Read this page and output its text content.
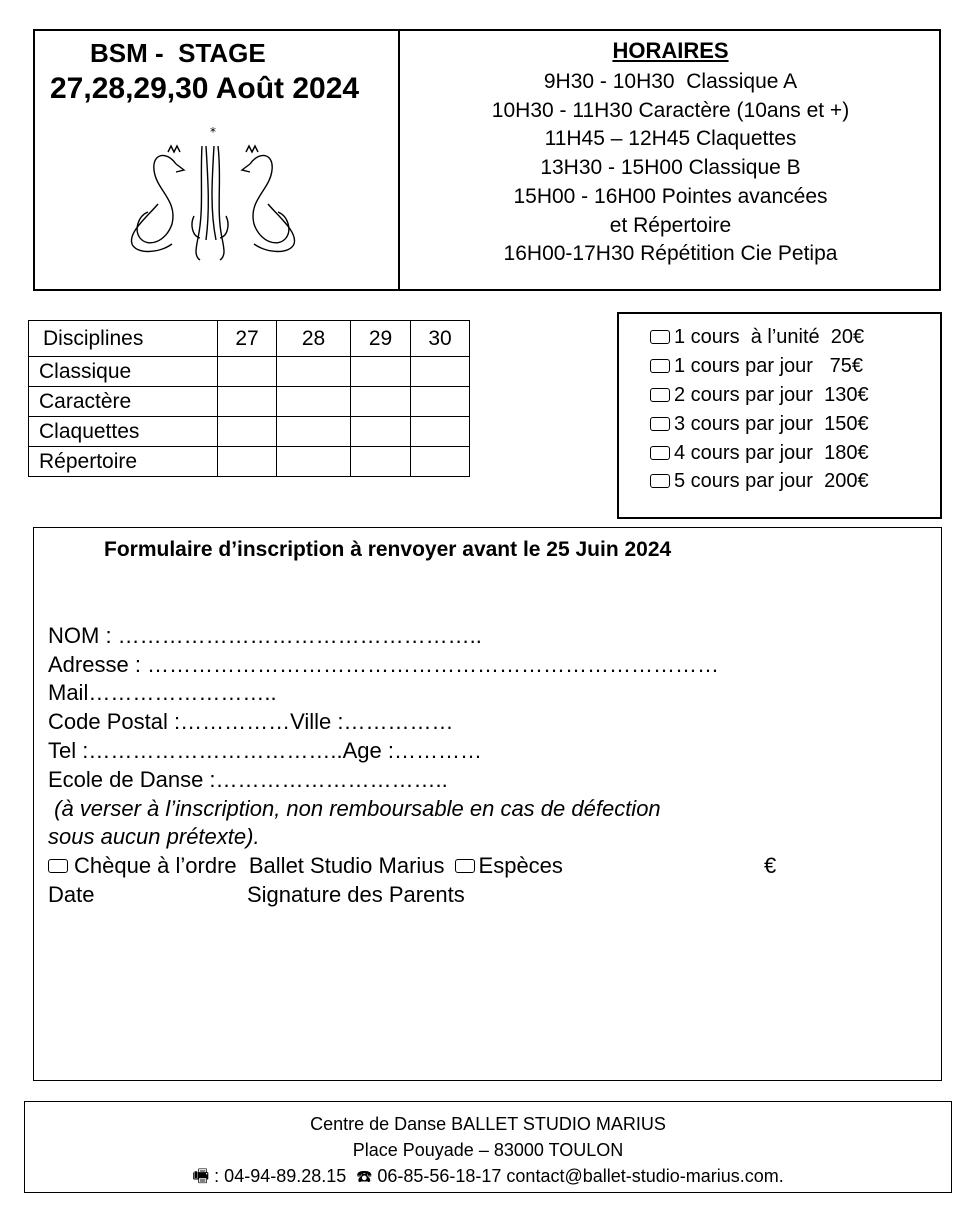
BSM -  STAGE
27,28,29,30 Août 2024
*
HORAIRES
9H30 - 10H30  Classique A
10H30 - 11H30 Caractère (10ans et +)
11H45 – 12H45 Claquettes
13H30 - 15H00 Classique B
15H00 - 16H00 Pointes avancées
et Répertoire
16H00-17H30 Répétition Cie Petipa
Disciplines	27	28	29	30
Classique				
Caractère				
Claquettes				
Répertoire				
1 cours  à l’unité  20€
1 cours par jour   75€
2 cours par jour  130€
3 cours par jour  150€
4 cours par jour  180€
5 cours par jour  200€
Formulaire d’inscription à renvoyer avant le 25 Juin 2024
NOM : …………………………………………..
Adresse : ……………………………………………………………………
Mail……………………..
Code Postal :……………Ville :……………
Tel :……………………………..Age :…………
Ecole de Danse :…………………………..
(à verser à l’inscription, non remboursable en cas de défection
sous aucun prétexte).
Chèque à l’ordre  Ballet Studio Marius Espèces	€
Date	Signature des Parents
Centre de Danse BALLET STUDIO MARIUS
Place Pouyade – 83000 TOULON
🖷 : 04-94-89.28.15  ☎ 06-85-56-18-17 contact@ballet-studio-marius.com.
